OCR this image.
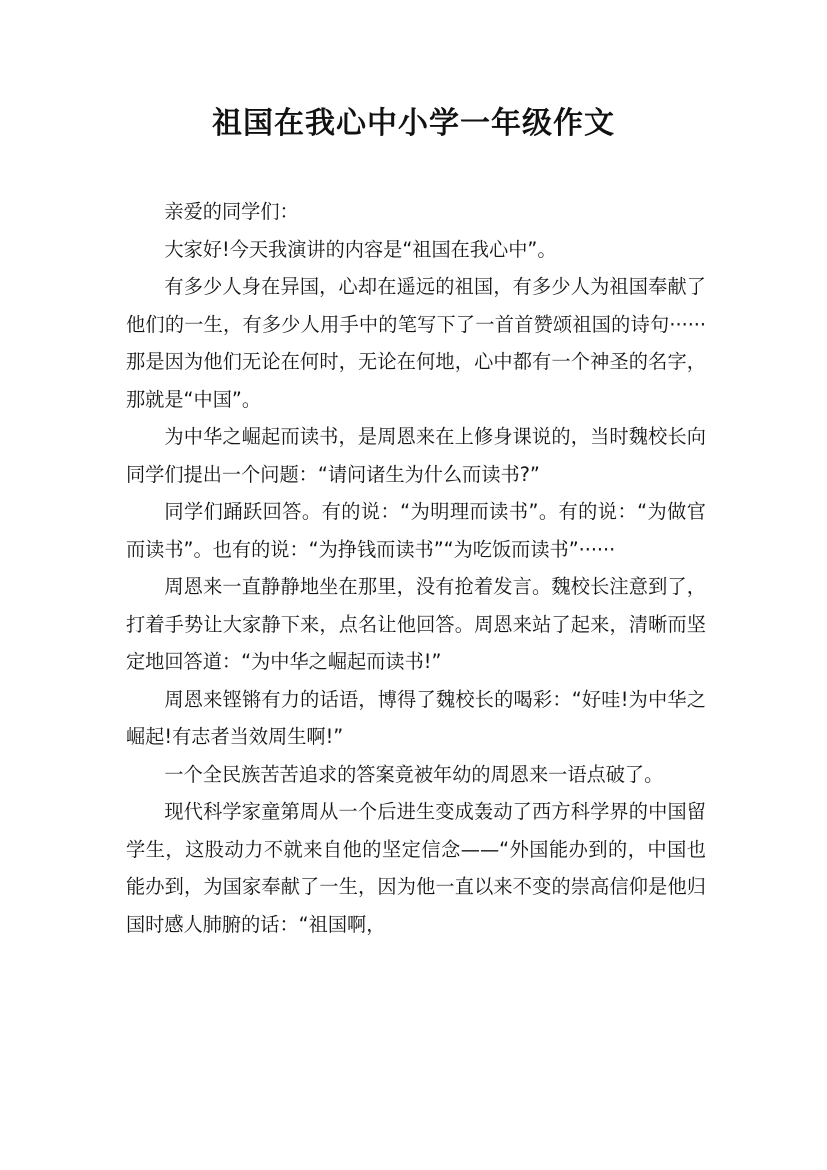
祖国在我心中小学一年级作文

亲爱的同学们：

大家好!今天我演讲的内容是“祖国在我心中”。

有多少人身在异国，心却在遥远的祖国，有多少人为祖国奉献了他们的一生，有多少人用手中的笔写下了一首首赞颂祖国的诗句······那是因为他们无论在何时，无论在何地，心中都有一个神圣的名字，那就是“中国”。

为中华之崛起而读书，是周恩来在上修身课说的，当时魏校长向同学们提出一个问题：“请问诸生为什么而读书?”

同学们踊跃回答。有的说：“为明理而读书”。有的说：“为做官而读书”。也有的说：“为挣钱而读书”“为吃饭而读书”······

周恩来一直静静地坐在那里，没有抢着发言。魏校长注意到了，打着手势让大家静下来，点名让他回答。周恩来站了起来，清晰而坚定地回答道：“为中华之崛起而读书!”

周恩来铿锵有力的话语，博得了魏校长的喝彩：“好哇!为中华之崛起!有志者当效周生啊!”

一个全民族苦苦追求的答案竟被年幼的周恩来一语点破了。

现代科学家童第周从一个后进生变成轰动了西方科学界的中国留学生，这股动力不就来自他的坚定信念——“外国能办到的，中国也能办到，为国家奉献了一生，因为他一直以来不变的崇高信仰是他归国时感人肺腑的话：“祖国啊，
